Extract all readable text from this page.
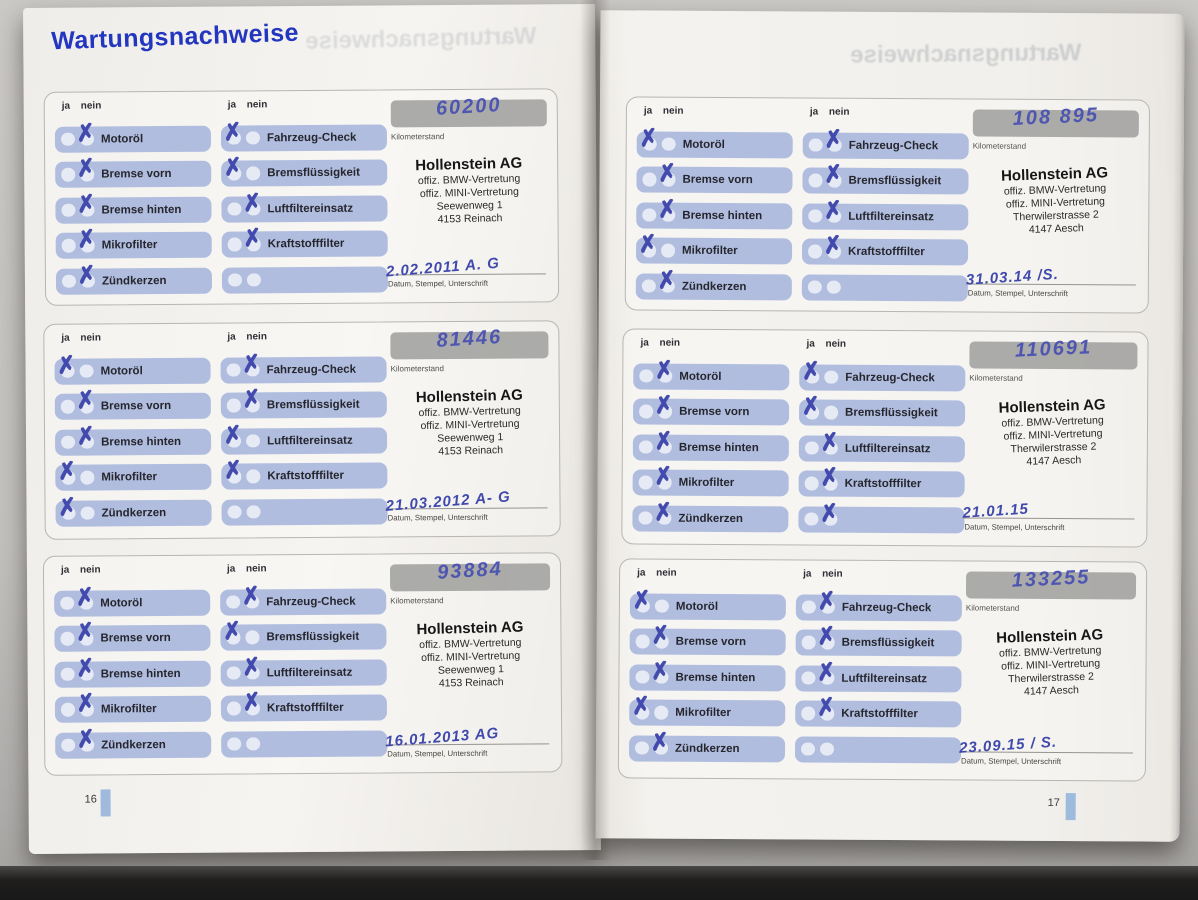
Wartungsnachweise Wartungsnachweise
ja nein
✗ Motoröl
✗ Bremse vorn
✗ Bremse hinten
✗ Mikrofilter
✗ Zündkerzen
ja nein
✗ Fahrzeug-Check
✗ Bremsflüssigkeit
✗ Luftfiltereinsatz
✗ Kraftstofffilter
60200
Kilometerstand
Hollenstein AG
offiz. BMW-Vertretung
offiz. MINI-Vertretung
Seewenweg 1
4153 Reinach
2.02.2011 A. G
Datum, Stempel, Unterschrift
ja nein
✗ Motoröl
✗ Bremse vorn
✗ Bremse hinten
✗ Mikrofilter
✗ Zündkerzen
ja nein
✗ Fahrzeug-Check
✗ Bremsflüssigkeit
✗ Luftfiltereinsatz
✗ Kraftstofffilter
81446
Kilometerstand
Hollenstein AG
offiz. BMW-Vertretung
offiz. MINI-Vertretung
Seewenweg 1
4153 Reinach
21.03.2012 A- G
Datum, Stempel, Unterschrift
ja nein
✗ Motoröl
✗ Bremse vorn
✗ Bremse hinten
✗ Mikrofilter
✗ Zündkerzen
ja nein
✗ Fahrzeug-Check
✗ Bremsflüssigkeit
✗ Luftfiltereinsatz
✗ Kraftstofffilter
93884
Kilometerstand
Hollenstein AG
offiz. BMW-Vertretung
offiz. MINI-Vertretung
Seewenweg 1
4153 Reinach
16.01.2013 AG
Datum, Stempel, Unterschrift
16
Wartungsnachweise
ja nein
✗ Motoröl
✗ Bremse vorn
✗ Bremse hinten
✗ Mikrofilter
✗ Zündkerzen
ja nein
✗ Fahrzeug-Check
✗ Bremsflüssigkeit
✗ Luftfiltereinsatz
✗ Kraftstofffilter
108 895
Kilometerstand
Hollenstein AG
offiz. BMW-Vertretung
offiz. MINI-Vertretung
Therwilerstrasse 2
4147 Aesch
31.03.14 /S.
Datum, Stempel, Unterschrift
ja nein
✗ Motoröl
✗ Bremse vorn
✗ Bremse hinten
✗ Mikrofilter
✗ Zündkerzen
ja nein
✗ Fahrzeug-Check
✗ Bremsflüssigkeit
✗ Luftfiltereinsatz
✗ Kraftstofffilter
✗
110691
Kilometerstand
Hollenstein AG
offiz. BMW-Vertretung
offiz. MINI-Vertretung
Therwilerstrasse 2
4147 Aesch
21.01.15
Datum, Stempel, Unterschrift
ja nein
✗ Motoröl
✗ Bremse vorn
✗ Bremse hinten
✗ Mikrofilter
✗ Zündkerzen
ja nein
✗ Fahrzeug-Check
✗ Bremsflüssigkeit
✗ Luftfiltereinsatz
✗ Kraftstofffilter
133255
Kilometerstand
Hollenstein AG
offiz. BMW-Vertretung
offiz. MINI-Vertretung
Therwilerstrasse 2
4147 Aesch
23.09.15 / S.
Datum, Stempel, Unterschrift
17
